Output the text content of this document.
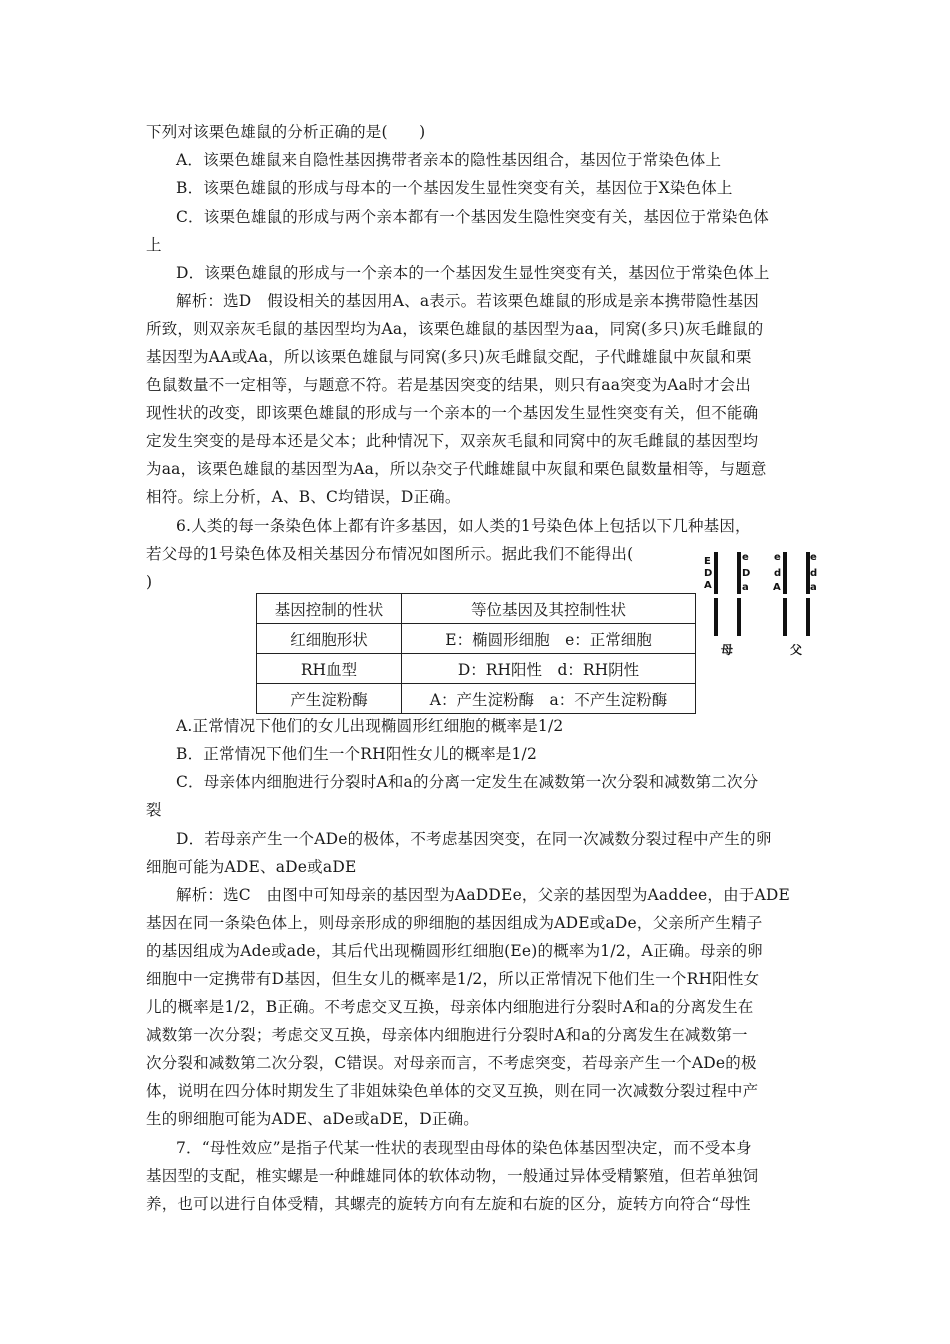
下列对该栗色雄鼠的分析正确的是(　　)
A．该栗色雄鼠来自隐性基因携带者亲本的隐性基因组合，基因位于常染色体上
B．该栗色雄鼠的形成与母本的一个基因发生显性突变有关，基因位于X染色体上
C．该栗色雄鼠的形成与两个亲本都有一个基因发生隐性突变有关，基因位于常染色体
上
D．该栗色雄鼠的形成与一个亲本的一个基因发生显性突变有关，基因位于常染色体上
解析：选D　假设相关的基因用A、a表示。若该栗色雄鼠的形成是亲本携带隐性基因
所致，则双亲灰毛鼠的基因型均为Aa，该栗色雄鼠的基因型为aa，同窝(多只)灰毛雌鼠的
基因型为AA或Aa，所以该栗色雄鼠与同窝(多只)灰毛雌鼠交配，子代雌雄鼠中灰鼠和栗
色鼠数量不一定相等，与题意不符。若是基因突变的结果，则只有aa突变为Aa时才会出
现性状的改变，即该栗色雄鼠的形成与一个亲本的一个基因发生显性突变有关，但不能确
定发生突变的是母本还是父本；此种情况下，双亲灰毛鼠和同窝中的灰毛雌鼠的基因型均
为aa，该栗色雄鼠的基因型为Aa，所以杂交子代雌雄鼠中灰鼠和栗色鼠数量相等，与题意
相符。综上分析，A、B、C均错误，D正确。
6.人类的每一条染色体上都有许多基因，如人类的1号染色体上包括以下几种基因，
若父母的1号染色体及相关基因分布情况如图所示。据此我们不能得出(
)
基因控制的性状	等位基因及其控制性状
红细胞形状	E：椭圆形细胞　e：正常细胞
RH血型	D：RH阳性　d：RH阴性
产生淀粉酶	A：产生淀粉酶　a：不产生淀粉酶
E
D
A
e
D
a
母
e
d
A
e
d
a
父
A.正常情况下他们的女儿出现椭圆形红细胞的概率是1/2
B．正常情况下他们生一个RH阳性女儿的概率是1/2
C．母亲体内细胞进行分裂时A和a的分离一定发生在减数第一次分裂和减数第二次分
裂
D．若母亲产生一个ADe的极体，不考虑基因突变，在同一次减数分裂过程中产生的卵
细胞可能为ADE、aDe或aDE
解析：选C　由图中可知母亲的基因型为AaDDEe，父亲的基因型为Aaddee，由于ADE
基因在同一条染色体上，则母亲形成的卵细胞的基因组成为ADE或aDe，父亲所产生精子
的基因组成为Ade或ade，其后代出现椭圆形红细胞(Ee)的概率为1/2，A正确。母亲的卵
细胞中一定携带有D基因，但生女儿的概率是1/2，所以正常情况下他们生一个RH阳性女
儿的概率是1/2，B正确。不考虑交叉互换，母亲体内细胞进行分裂时A和a的分离发生在
减数第一次分裂；考虑交叉互换，母亲体内细胞进行分裂时A和a的分离发生在减数第一
次分裂和减数第二次分裂，C错误。对母亲而言，不考虑突变，若母亲产生一个ADe的极
体，说明在四分体时期发生了非姐妹染色单体的交叉互换，则在同一次减数分裂过程中产
生的卵细胞可能为ADE、aDe或aDE，D正确。
7．“母性效应”是指子代某一性状的表现型由母体的染色体基因型决定，而不受本身
基因型的支配，椎实螺是一种雌雄同体的软体动物，一般通过异体受精繁殖，但若单独饲
养，也可以进行自体受精，其螺壳的旋转方向有左旋和右旋的区分，旋转方向符合“母性
